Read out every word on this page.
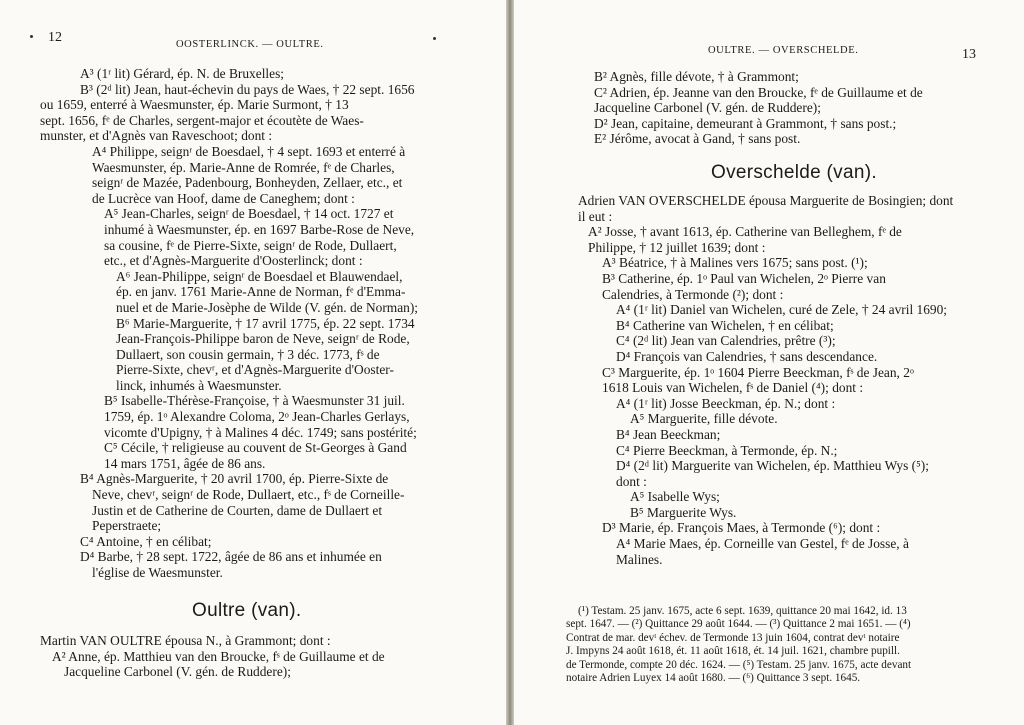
12	OOSTERLINCK. — OULTRE.
A³ (1ʳ lit) Gérard, ép. N. de Bruxelles;
B³ (2ᵈ lit) Jean, haut-échevin du pays de Waes, † 22 sept. 1656
ou 1659, enterré à Waesmunster, ép. Marie Surmont, † 13
sept. 1656, fᵉ de Charles, sergent-major et écoutète de Waes-
munster, et d'Agnès van Raveschoot; dont :
A⁴ Philippe, seignʳ de Boesdael, † 4 sept. 1693 et enterré à
Waesmunster, ép. Marie-Anne de Romrée, fᵉ de Charles,
seignʳ de Mazée, Padenbourg, Bonheyden, Zellaer, etc., et
de Lucrèce van Hoof, dame de Caneghem; dont :
A⁵ Jean-Charles, seignʳ de Boesdael, † 14 oct. 1727 et
inhumé à Waesmunster, ép. en 1697 Barbe-Rose de Neve,
sa cousine, fᵉ de Pierre-Sixte, seignʳ de Rode, Dullaert,
etc., et d'Agnès-Marguerite d'Oosterlinck; dont :
A⁶ Jean-Philippe, seignʳ de Boesdael et Blauwendael,
ép. en janv. 1761 Marie-Anne de Norman, fᵉ d'Emma-
nuel et de Marie-Josèphe de Wilde (V. gén. de Norman);
B⁶ Marie-Marguerite, † 17 avril 1775, ép. 22 sept. 1734
Jean-François-Philippe baron de Neve, seignʳ de Rode,
Dullaert, son cousin germain, † 3 déc. 1773, fˢ de
Pierre-Sixte, chevʳ, et d'Agnès-Marguerite d'Ooster-
linck, inhumés à Waesmunster.
B⁵ Isabelle-Thérèse-Françoise, † à Waesmunster 31 juil.
1759, ép. 1ᵒ Alexandre Coloma, 2ᵒ Jean-Charles Gerlays,
vicomte d'Upigny, † à Malines 4 déc. 1749; sans postérité;
C⁵ Cécile, † religieuse au couvent de St-Georges à Gand
14 mars 1751, âgée de 86 ans.
B⁴ Agnès-Marguerite, † 20 avril 1700, ép. Pierre-Sixte de
Neve, chevʳ, seignʳ de Rode, Dullaert, etc., fˢ de Corneille-
Justin et de Catherine de Courten, dame de Dullaert et
Peperstraete;
C⁴ Antoine, † en célibat;
D⁴ Barbe, † 28 sept. 1722, âgée de 86 ans et inhumée en
l'église de Waesmunster.
Oultre (van).
Martin VAN OULTRE épousa N., à Grammont; dont :
A² Anne, ép. Matthieu van den Broucke, fˢ de Guillaume et de
Jacqueline Carbonel (V. gén. de Ruddere);
OULTRE. — OVERSCHELDE.	13
B² Agnès, fille dévote, † à Grammont;
C² Adrien, ép. Jeanne van den Broucke, fᵉ de Guillaume et de
Jacqueline Carbonel (V. gén. de Ruddere);
D² Jean, capitaine, demeurant à Grammont, † sans post.;
E² Jérôme, avocat à Gand, † sans post.
Overschelde (van).
Adrien VAN OVERSCHELDE épousa Marguerite de Bosingien; dont
il eut :
A² Josse, † avant 1613, ép. Catherine van Belleghem, fᵉ de
Philippe, † 12 juillet 1639; dont :
A³ Béatrice, † à Malines vers 1675; sans post. (¹);
B³ Catherine, ép. 1ᵒ Paul van Wichelen, 2ᵒ Pierre van
Calendries, à Termonde (²); dont :
A⁴ (1ʳ lit) Daniel van Wichelen, curé de Zele, † 24 avril 1690;
B⁴ Catherine van Wichelen, † en célibat;
C⁴ (2ᵈ lit) Jean van Calendries, prêtre (³);
D⁴ François van Calendries, † sans descendance.
C³ Marguerite, ép. 1ᵒ 1604 Pierre Beeckman, fˢ de Jean, 2ᵒ
1618 Louis van Wichelen, fˢ de Daniel (⁴); dont :
A⁴ (1ʳ lit) Josse Beeckman, ép. N.; dont :
A⁵ Marguerite, fille dévote.
B⁴ Jean Beeckman;
C⁴ Pierre Beeckman, à Termonde, ép. N.;
D⁴ (2ᵈ lit) Marguerite van Wichelen, ép. Matthieu Wys (⁵);
dont :
A⁵ Isabelle Wys;
B⁵ Marguerite Wys.
D³ Marie, ép. François Maes, à Termonde (⁶); dont :
A⁴ Marie Maes, ép. Corneille van Gestel, fᵉ de Josse, à
Malines.
(¹) Testam. 25 janv. 1675, acte 6 sept. 1639, quittance 20 mai 1642, id. 13
sept. 1647. — (²) Quittance 29 août 1644. — (³) Quittance 2 mai 1651. — (⁴)
Contrat de mar. devᵗ échev. de Termonde 13 juin 1604, contrat devᵗ notaire
J. Impyns 24 août 1618, ét. 11 août 1618, ét. 14 juil. 1621, chambre pupill.
de Termonde, compte 20 déc. 1624. — (⁵) Testam. 25 janv. 1675, acte devant
notaire Adrien Luyex 14 août 1680. — (⁶) Quittance 3 sept. 1645.
